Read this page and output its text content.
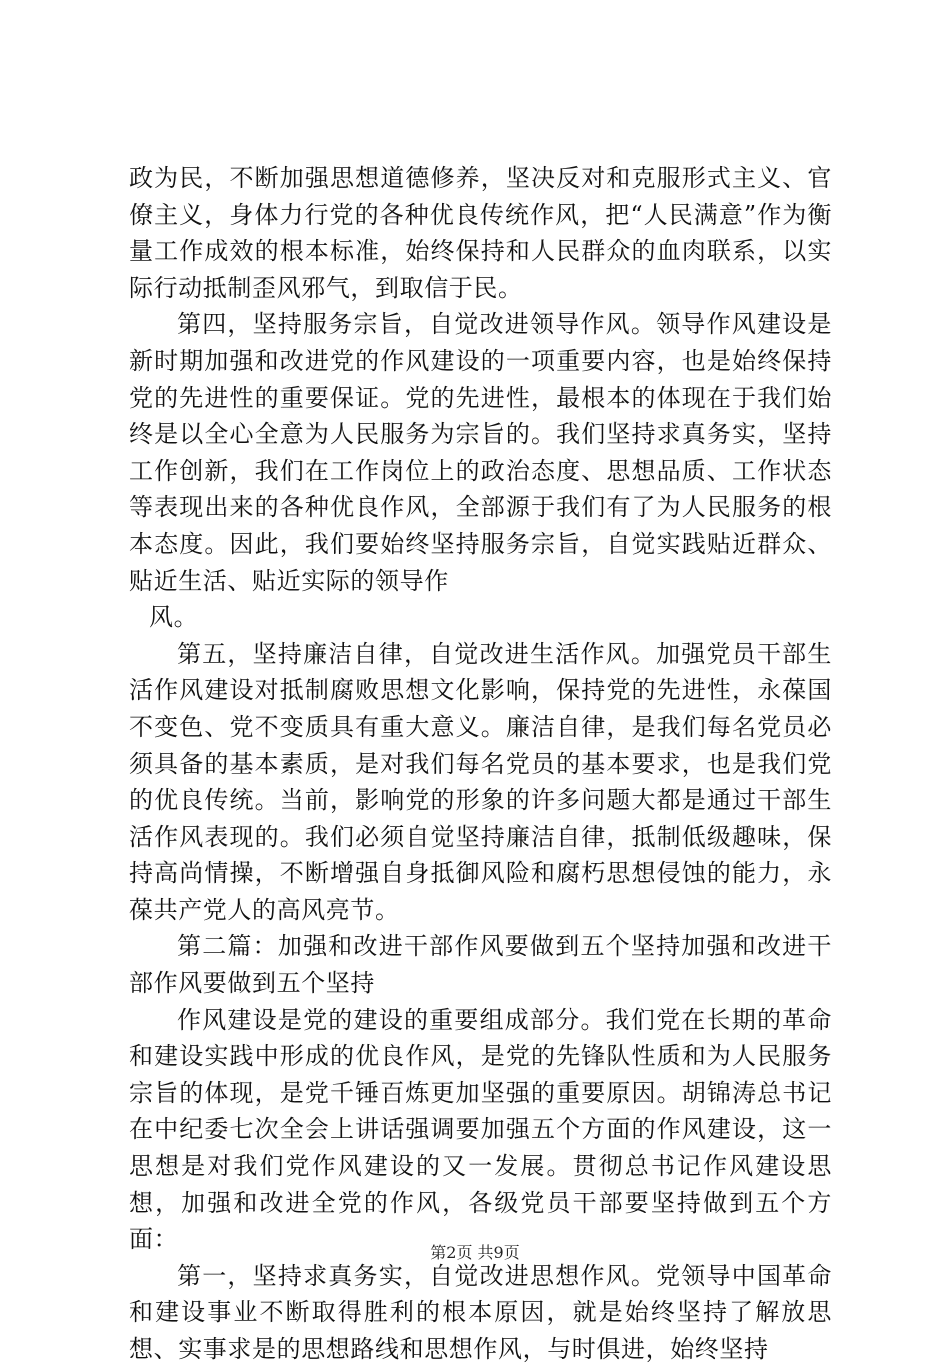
政为民，不断加强思想道德修养，坚决反对和克服形式主义、官僚主义，身体力行党的各种优良传统作风，把“人民满意”作为衡量工作成效的根本标准，始终保持和人民群众的血肉联系，以实际行动抵制歪风邪气，到取信于民。

第四，坚持服务宗旨，自觉改进领导作风。领导作风建设是新时期加强和改进党的作风建设的一项重要内容，也是始终保持党的先进性的重要保证。党的先进性，最根本的体现在于我们始终是以全心全意为人民服务为宗旨的。我们坚持求真务实，坚持工作创新，我们在工作岗位上的政治态度、思想品质、工作状态等表现出来的各种优良作风，全部源于我们有了为人民服务的根本态度。因此，我们要始终坚持服务宗旨，自觉实践贴近群众、贴近生活、贴近实际的领导作

风。

第五，坚持廉洁自律，自觉改进生活作风。加强党员干部生活作风建设对抵制腐败思想文化影响，保持党的先进性，永葆国不变色、党不变质具有重大意义。廉洁自律，是我们每名党员必须具备的基本素质，是对我们每名党员的基本要求，也是我们党的优良传统。当前，影响党的形象的许多问题大都是通过干部生活作风表现的。我们必须自觉坚持廉洁自律，抵制低级趣味，保持高尚情操，不断增强自身抵御风险和腐朽思想侵蚀的能力，永葆共产党人的高风亮节。

第二篇：加强和改进干部作风要做到五个坚持加强和改进干部作风要做到五个坚持

作风建设是党的建设的重要组成部分。我们党在长期的革命和建设实践中形成的优良作风，是党的先锋队性质和为人民服务宗旨的体现，是党千锤百炼更加坚强的重要原因。胡锦涛总书记在中纪委七次全会上讲话强调要加强五个方面的作风建设，这一思想是对我们党作风建设的又一发展。贯彻总书记作风建设思想，加强和改进全党的作风，各级党员干部要坚持做到五个方面：

第一，坚持求真务实，自觉改进思想作风。党领导中国革命和建设事业不断取得胜利的根本原因，就是始终坚持了解放思想、实事求是的思想路线和思想作风，与时俱进，始终坚持

第2页 共9页
